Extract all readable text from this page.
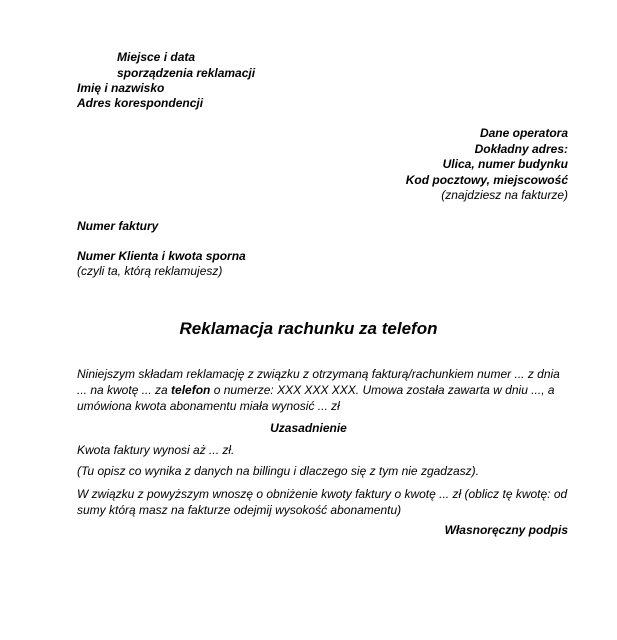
Miejsce i data
sporządzenia reklamacji
Imię i nazwisko
Adres korespondencji
Dane operatora
Dokładny adres:
Ulica, numer budynku
Kod pocztowy, miejscowość
(znajdziesz na fakturze)
Numer faktury
Numer Klienta i kwota sporna
(czyli ta, którą reklamujesz)
Reklamacja rachunku za telefon
Niniejszym składam reklamację z związku z otrzymaną fakturą/rachunkiem numer ... z dnia ... na kwotę ... za telefon o numerze: XXX XXX XXX. Umowa została zawarta w dniu ..., a umówiona kwota abonamentu miała wynosić ... zł
Uzasadnienie
Kwota faktury wynosi aż ... zł.
(Tu opisz co wynika z danych na billingu i dlaczego się z tym nie zgadzasz).
W związku z powyższym wnoszę o obniżenie kwoty faktury o kwotę ... zł (oblicz tę kwotę: od sumy którą masz na fakturze odejmij wysokość abonamentu)
Własnoręczny podpis
